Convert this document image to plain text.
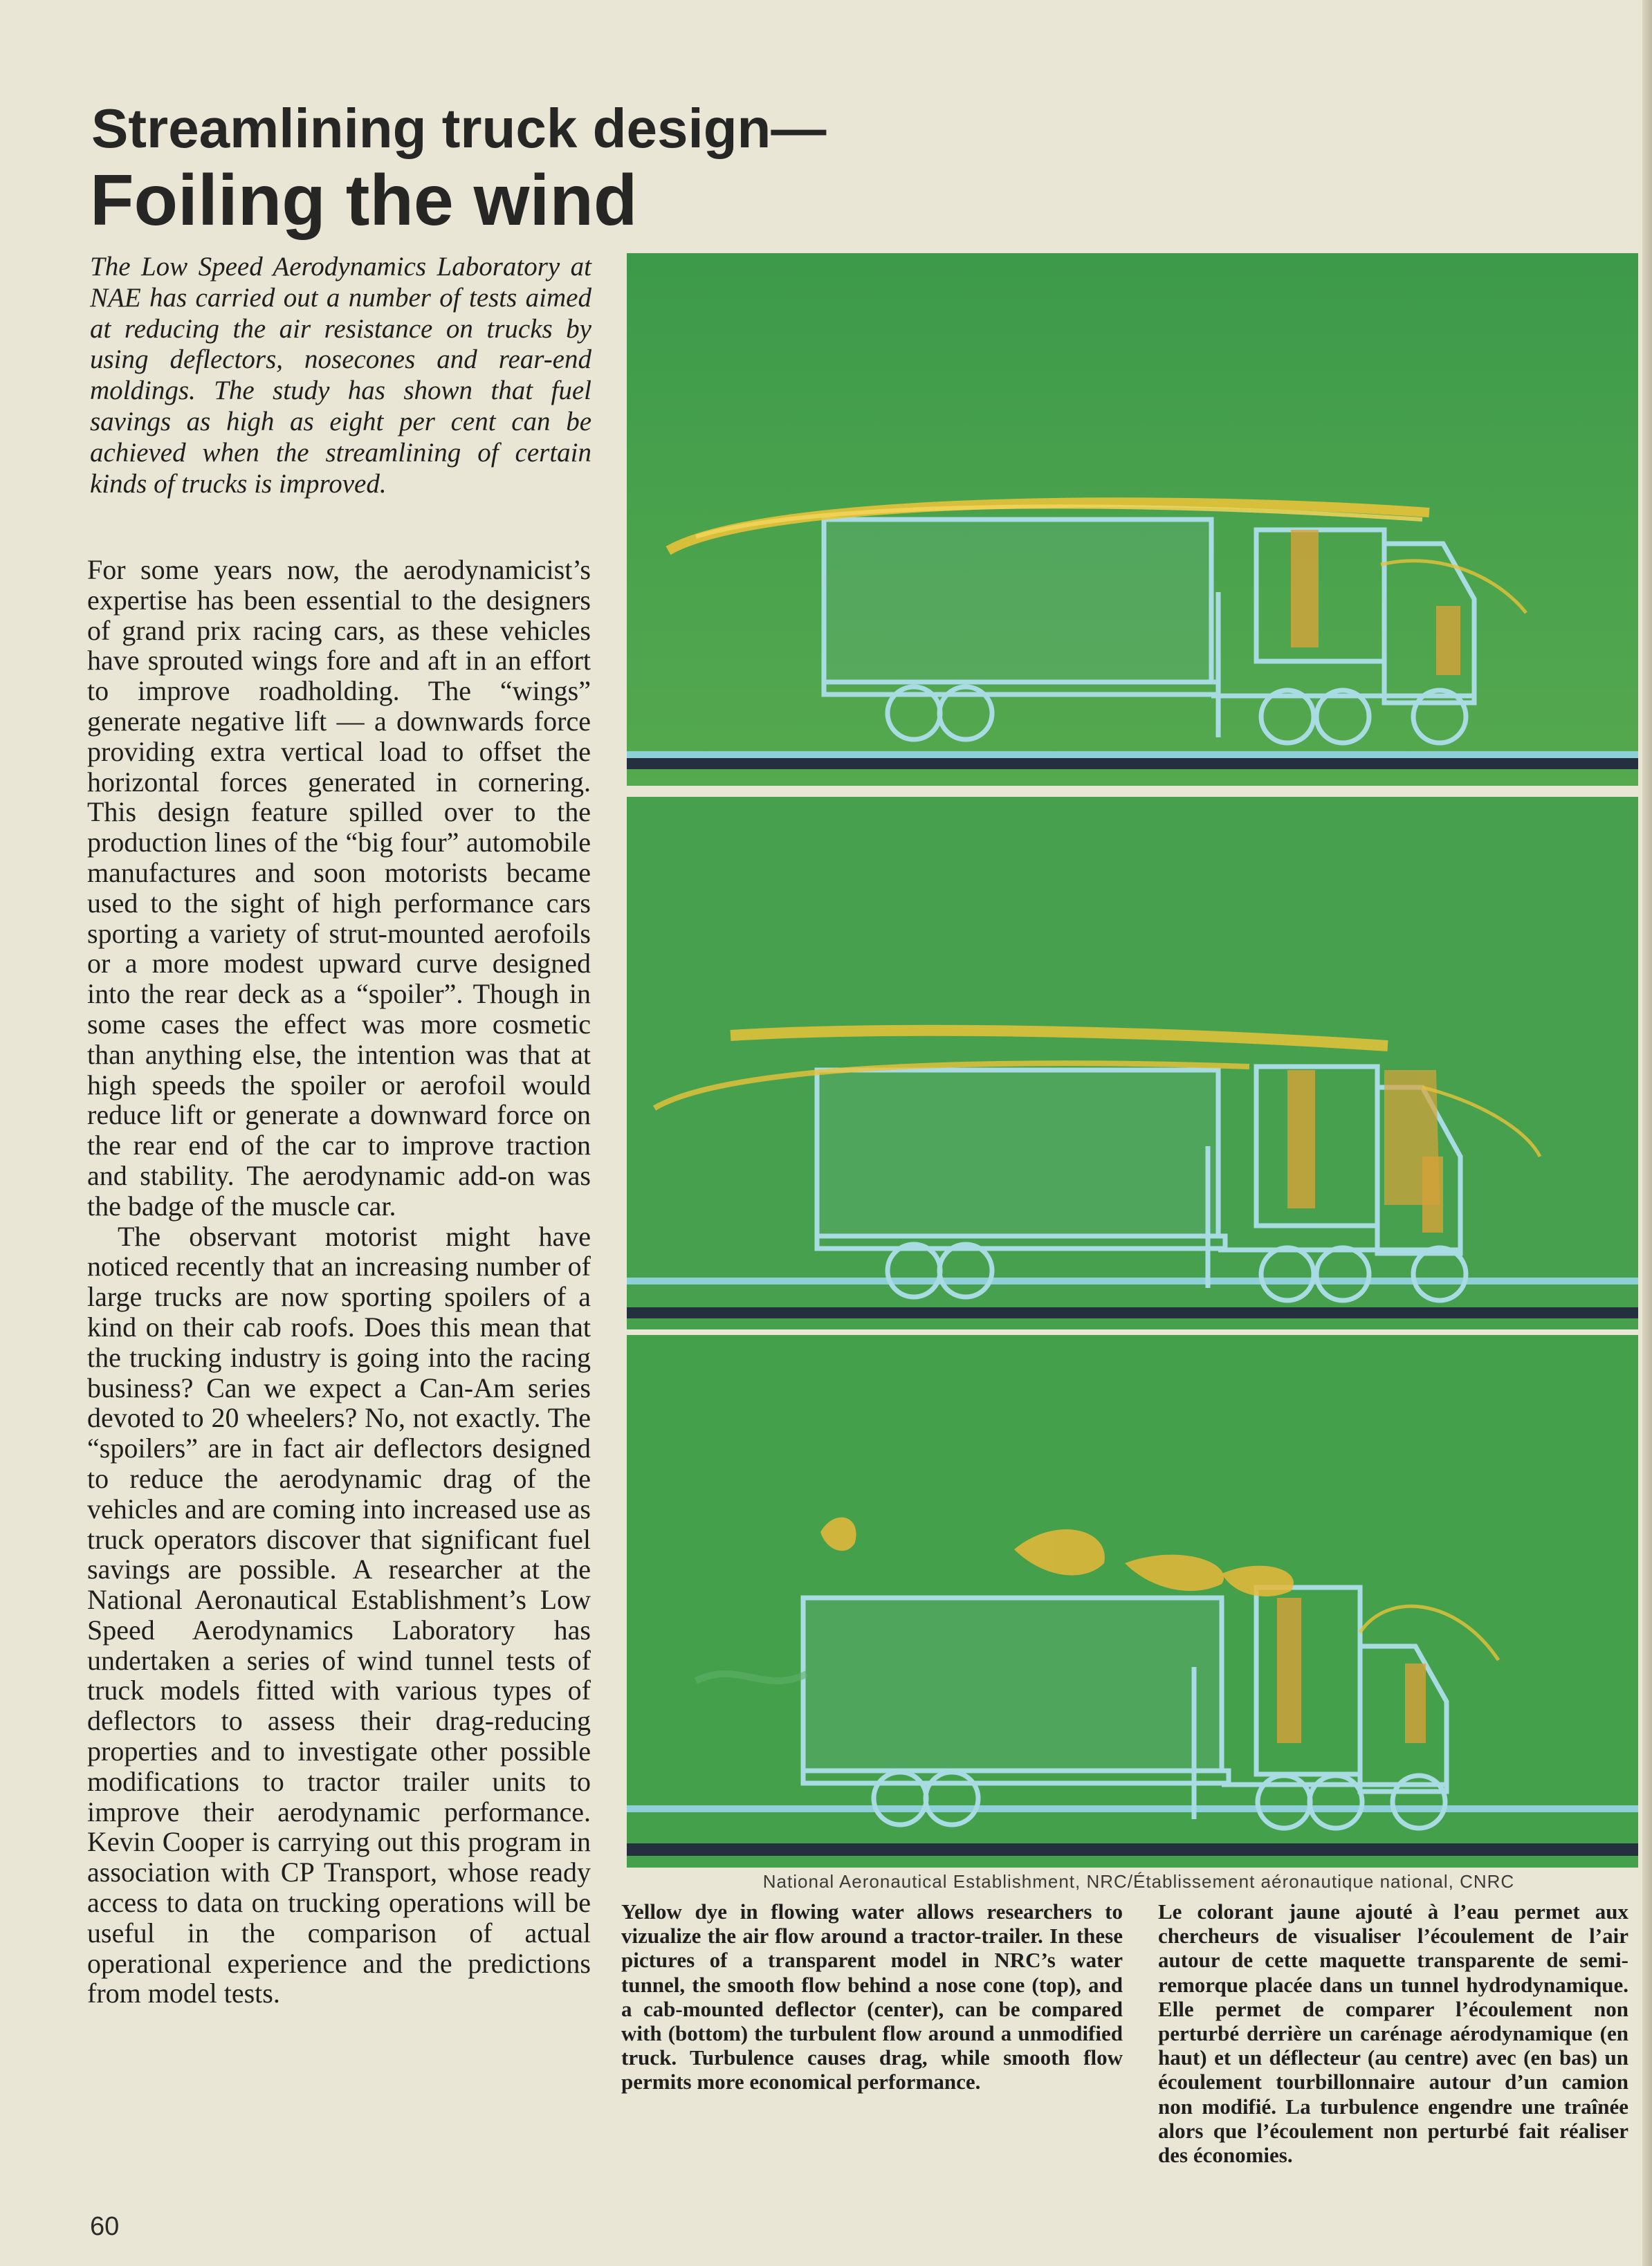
Streamlining truck design—
Foiling the wind
The Low Speed Aerodynamics Laboratory at NAE has carried out a number of tests aimed at reducing the air resistance on trucks by using deflectors, nosecones and rear-end moldings. The study has shown that fuel savings as high as eight per cent can be achieved when the streamlining of certain kinds of trucks is improved.

For some years now, the aerodynamicist’s expertise has been essential to the designers of grand prix racing cars, as these vehicles have sprouted wings fore and aft in an effort to improve roadholding. The “wings” generate negative lift — a downwards force providing extra vertical load to offset the horizontal forces generated in cornering. This design feature spilled over to the production lines of the “big four” automobile manufactures and soon motorists became used to the sight of high performance cars sporting a variety of strut-mounted aerofoils or a more modest upward curve designed into the rear deck as a “spoiler”. Though in some cases the effect was more cosmetic than anything else, the intention was that at high speeds the spoiler or aerofoil would reduce lift or generate a downward force on the rear end of the car to improve traction and stability. The aerodynamic add-on was the badge of the muscle car.

The observant motorist might have noticed recently that an increasing number of large trucks are now sporting spoilers of a kind on their cab roofs. Does this mean that the trucking industry is going into the racing business? Can we expect a Can-Am series devoted to 20 wheelers? No, not exactly. The “spoilers” are in fact air deflectors designed to reduce the aerodynamic drag of the vehicles and are coming into increased use as truck operators discover that significant fuel savings are possible. A researcher at the National Aeronautical Establishment’s Low Speed Aerodynamics Laboratory has undertaken a series of wind tunnel tests of truck models fitted with various types of deflectors to assess their drag-reducing properties and to investigate other possible modifications to tractor trailer units to improve their aerodynamic performance. Kevin Cooper is carrying out this program in association with CP Transport, whose ready access to data on trucking operations will be useful in the comparison of actual operational experience and the predictions from model tests.

60
National Aeronautical Establishment, NRC/Établissement aéronautique national, CNRC
Yellow dye in flowing water allows researchers to vizualize the air flow around a tractor-trailer. In these pictures of a transparent model in NRC’s water tunnel, the smooth flow behind a nose cone (top), and a cab-mounted deflector (center), can be compared with (bottom) the turbulent flow around a unmodified truck. Turbulence causes drag, while smooth flow permits more economical performance.
Le colorant jaune ajouté à l’eau permet aux chercheurs de visualiser l’écoulement de l’air autour de cette maquette transparente de semi-remorque placée dans un tunnel hydrodynamique. Elle permet de comparer l’écoulement non perturbé derrière un carénage aérodynamique (en haut) et un déflecteur (au centre) avec (en bas) un écoulement tourbillonnaire autour d’un camion non modifié. La turbulence engendre une traînée alors que l’écoulement non perturbé fait réaliser des économies.
